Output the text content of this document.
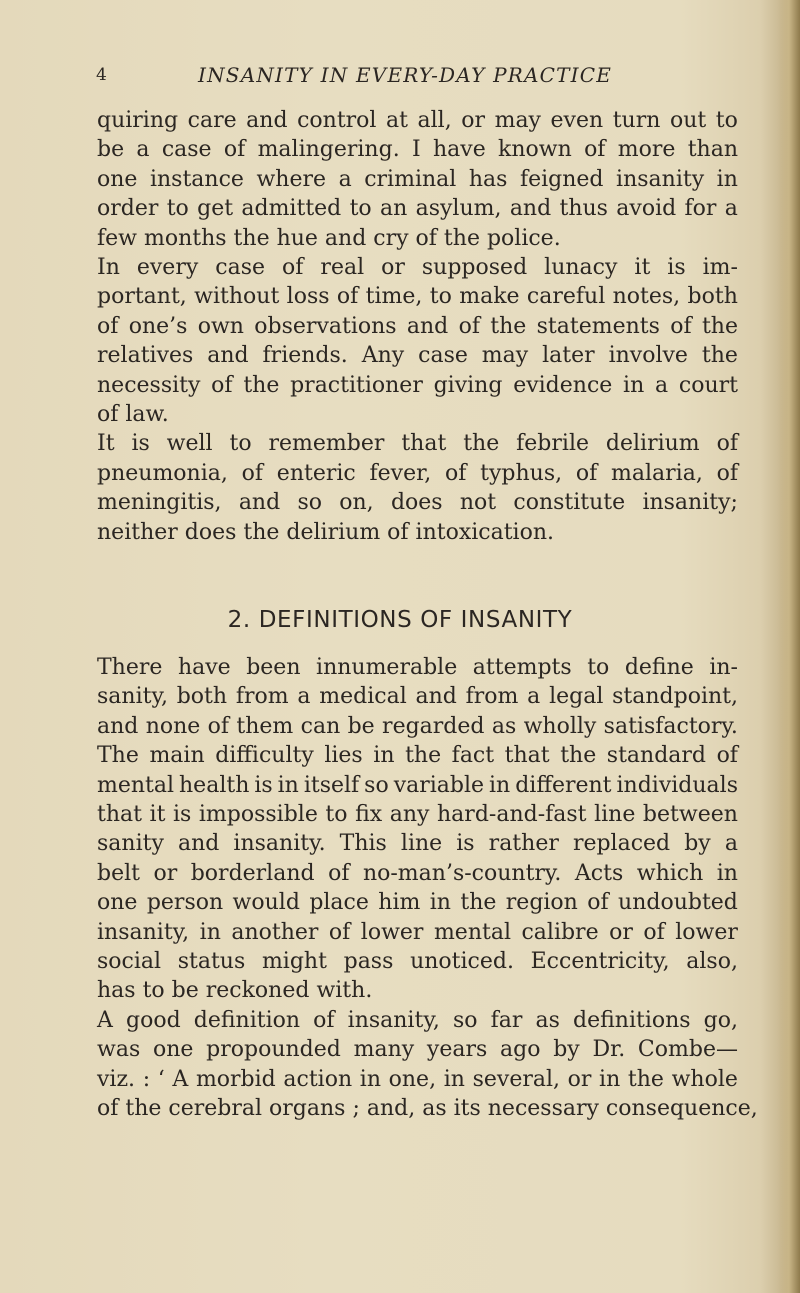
4	INSANITY IN EVERY-DAY PRACTICE
quiring care and control at all, or may even turn out to
be a case of malingering. I have known of more than
one instance where a criminal has feigned insanity in
order to get admitted to an asylum, and thus avoid for a
few months the hue and cry of the police.
In every case of real or supposed lunacy it is im-
portant, without loss of time, to make careful notes, both
of one’s own observations and of the statements of the
relatives and friends. Any case may later involve the
necessity of the practitioner giving evidence in a court
of law.
It is well to remember that the febrile delirium of
pneumonia, of enteric fever, of typhus, of malaria, of
meningitis, and so on, does not constitute insanity;
neither does the delirium of intoxication.
2. DEFINITIONS OF INSANITY
There have been innumerable attempts to define in-
sanity, both from a medical and from a legal standpoint,
and none of them can be regarded as wholly satisfactory.
The main difficulty lies in the fact that the standard of
mental health is in itself so variable in different individuals
that it is impossible to fix any hard-and-fast line between
sanity and insanity. This line is rather replaced by a
belt or borderland of no-man’s-country. Acts which in
one person would place him in the region of undoubted
insanity, in another of lower mental calibre or of lower
social status might pass unoticed. Eccentricity, also,
has to be reckoned with.
A good definition of insanity, so far as definitions go,
was one propounded many years ago by Dr. Combe—
viz. : ‘ A morbid action in one, in several, or in the whole
of the cerebral organs ; and, as its necessary consequence,
